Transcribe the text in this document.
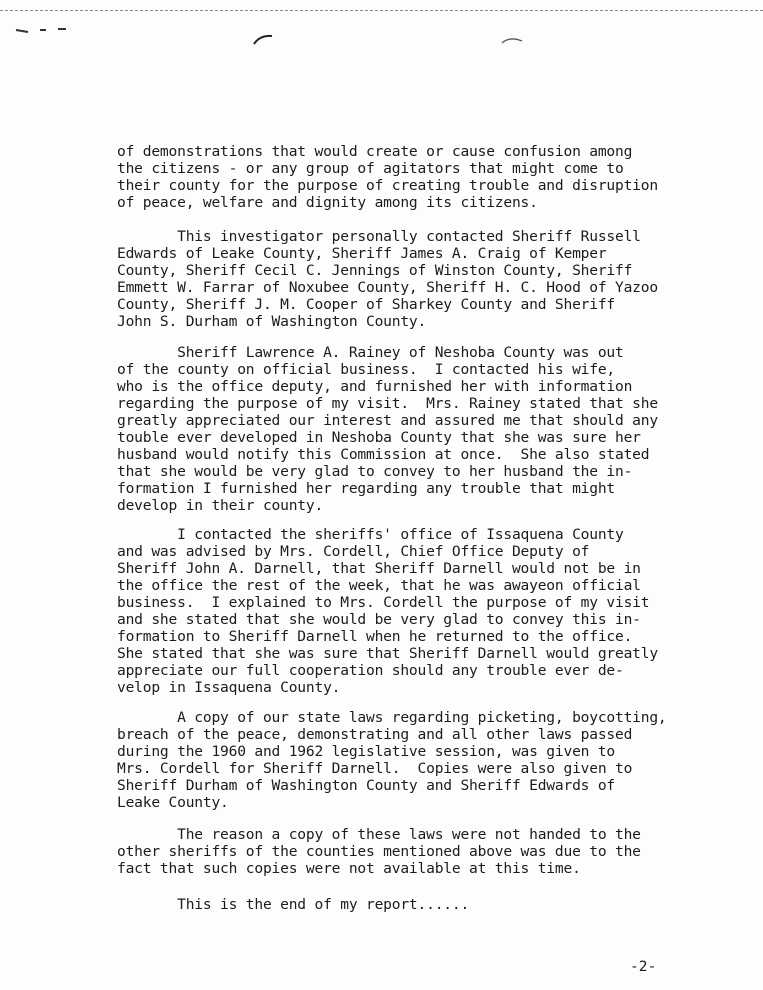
of demonstrations that would create or cause confusion among
the citizens - or any group of agitators that might come to
their county for the purpose of creating trouble and disruption
of peace, welfare and dignity among its citizens.
This investigator personally contacted Sheriff Russell
Edwards of Leake County, Sheriff James A. Craig of Kemper
County, Sheriff Cecil C. Jennings of Winston County, Sheriff
Emmett W. Farrar of Noxubee County, Sheriff H. C. Hood of Yazoo
County, Sheriff J. M. Cooper of Sharkey County and Sheriff
John S. Durham of Washington County.
Sheriff Lawrence A. Rainey of Neshoba County was out
of the county on official business.  I contacted his wife,
who is the office deputy, and furnished her with information
regarding the purpose of my visit.  Mrs. Rainey stated that she
greatly appreciated our interest and assured me that should any
touble ever developed in Neshoba County that she was sure her
husband would notify this Commission at once.  She also stated
that she would be very glad to convey to her husband the in-
formation I furnished her regarding any trouble that might
develop in their county.
I contacted the sheriffs' office of Issaquena County
and was advised by Mrs. Cordell, Chief Office Deputy of
Sheriff John A. Darnell, that Sheriff Darnell would not be in
the office the rest of the week, that he was awayeon official
business.  I explained to Mrs. Cordell the purpose of my visit
and she stated that she would be very glad to convey this in-
formation to Sheriff Darnell when he returned to the office.
She stated that she was sure that Sheriff Darnell would greatly
appreciate our full cooperation should any trouble ever de-
velop in Issaquena County.
A copy of our state laws regarding picketing, boycotting,
breach of the peace, demonstrating and all other laws passed
during the 1960 and 1962 legislative session, was given to
Mrs. Cordell for Sheriff Darnell.  Copies were also given to
Sheriff Durham of Washington County and Sheriff Edwards of
Leake County.
The reason a copy of these laws were not handed to the
other sheriffs of the counties mentioned above was due to the
fact that such copies were not available at this time.
This is the end of my report......
-2-
